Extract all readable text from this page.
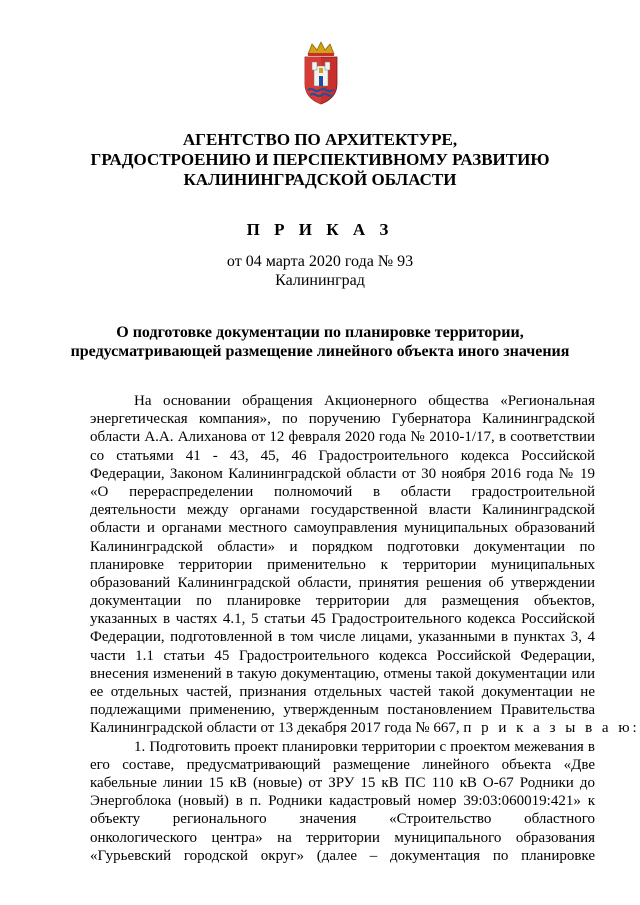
АГЕНТСТВО ПО АРХИТЕКТУРЕ,
ГРАДОСТРОЕНИЮ И ПЕРСПЕКТИВНОМУ РАЗВИТИЮ
КАЛИНИНГРАДСКОЙ ОБЛАСТИ
П Р И К А З
от 04 марта 2020 года № 93
Калининград
О подготовке документации по планировке территории,
предусматривающей размещение линейного объекта иного значения
На основании обращения Акционерного общества «Региональная
энергетическая компания», по поручению Губернатора Калининградской
области А.А. Алиханова от 12 февраля 2020 года № 2010-1/17, в соответствии
со статьями 41 - 43, 45, 46 Градостроительного кодекса Российской
Федерации, Законом Калининградской области от 30 ноября 2016 года № 19
«О перераспределении полномочий в области градостроительной
деятельности между органами государственной власти Калининградской
области и органами местного самоуправления муниципальных образований
Калининградской области» и порядком подготовки документации по
планировке территории применительно к территории муниципальных
образований Калининградской области, принятия решения об утверждении
документации по планировке территории для размещения объектов,
указанных в частях 4.1, 5 статьи 45 Градостроительного кодекса Российской
Федерации, подготовленной в том числе лицами, указанными в пунктах 3, 4
части 1.1 статьи 45 Градостроительного кодекса Российской Федерации,
внесения изменений в такую документацию, отмены такой документации или
ее отдельных частей, признания отдельных частей такой документации не
подлежащими применению, утвержденным постановлением Правительства
Калининградской области от 13 декабря 2017 года № 667, п р и к а з ы в а ю:
1. Подготовить проект планировки территории с проектом межевания в
его составе, предусматривающий размещение линейного объекта «Две
кабельные линии 15 кВ (новые) от ЗРУ 15 кВ ПС 110 кВ О-67 Родники до
Энергоблока (новый) в п. Родники кадастровый номер 39:03:060019:421» к
объекту регионального значения «Строительство областного
онкологического центра» на территории муниципального образования
«Гурьевский городской округ» (далее – документация по планировке
